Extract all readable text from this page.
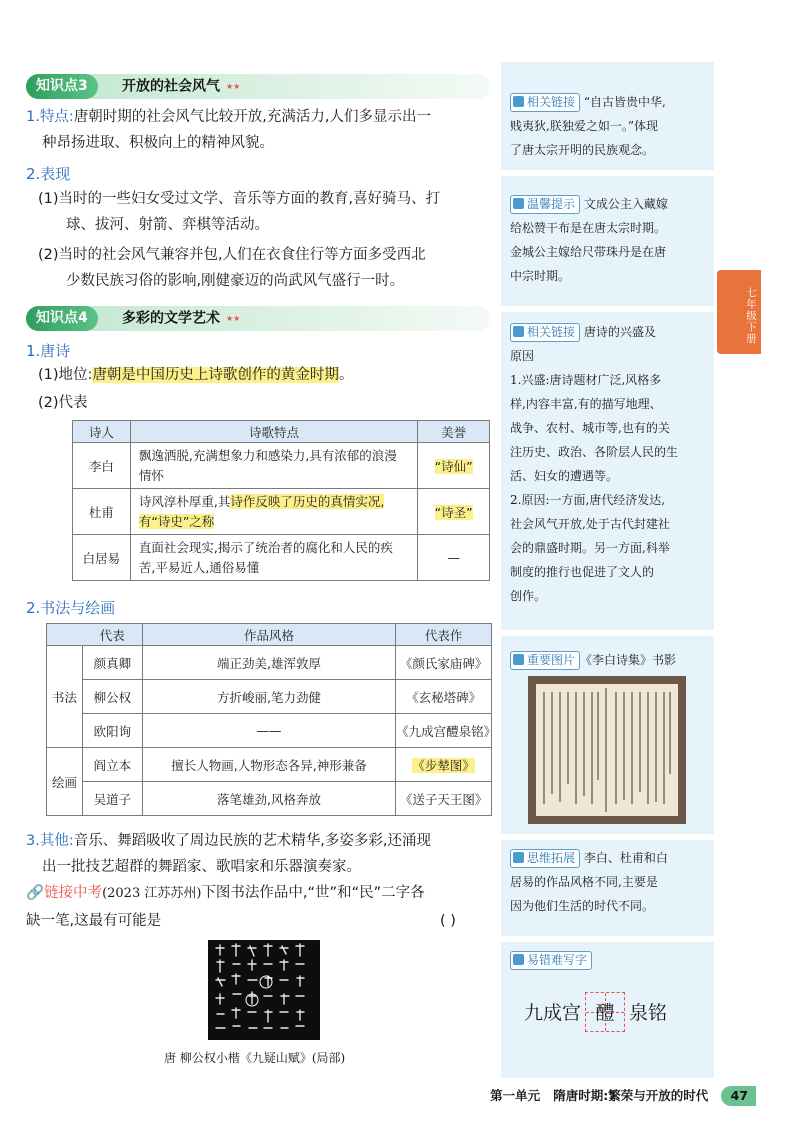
知识点3	开放的社会风气 ★★
1.特点:唐朝时期的社会风气比较开放,充满活力,人们多显示出一
种昂扬进取、积极向上的精神风貌。
2.表现
(1)当时的一些妇女受过文学、音乐等方面的教育,喜好骑马、打
球、拔河、射箭、弈棋等活动。
(2)当时的社会风气兼容并包,人们在衣食住行等方面多受西北
少数民族习俗的影响,刚健豪迈的尚武风气盛行一时。
知识点4	多彩的文学艺术 ★★
1.唐诗
(1)地位:唐朝是中国历史上诗歌创作的黄金时期。
(2)代表
诗人	诗歌特点	美誉
李白	飘逸洒脱,充满想象力和感染力,具有浓郁的浪漫情怀	“诗仙”
杜甫	诗风淳朴厚重,其诗作反映了历史的真情实况,有“诗史”之称	“诗圣”
白居易	直面社会现实,揭示了统治者的腐化和人民的疾苦,平易近人,通俗易懂	—
2.书法与绘画
	代表	作品风格	代表作
书法	颜真卿	端正劲美,雄浑敦厚	《颜氏家庙碑》
	柳公权	方折峻丽,笔力劲健	《玄秘塔碑》
	欧阳询	——	《九成宫醴泉铭》
绘画	阎立本	擅长人物画,人物形态各异,神形兼备	《步辇图》
	吴道子	落笔雄劲,风格奔放	《送子天王图》
3.其他:音乐、舞蹈吸收了周边民族的艺术精华,多姿多彩,还涌现
出一批技艺超群的舞蹈家、歌唱家和乐器演奏家。
🔗链接中考(2023 江苏苏州)下图书法作品中,“世”和“民”二字各
缺一笔,这最有可能是	( )
唐 柳公权小楷《九疑山赋》(局部)
相关链接 “自古皆贵中华,
贱夷狄,朕独爱之如一。”体现
了唐太宗开明的民族观念。
温馨提示 文成公主入藏嫁
给松赞干布是在唐太宗时期。
金城公主嫁给尺带珠丹是在唐
中宗时期。
相关链接 唐诗的兴盛及
原因
1.兴盛:唐诗题材广泛,风格多
样,内容丰富,有的描写地理、
战争、农村、城市等,也有的关
注历史、政治、各阶层人民的生
活、妇女的遭遇等。
2.原因:一方面,唐代经济发达,
社会风气开放,处于古代封建社
会的鼎盛时期。另一方面,科举
制度的推行也促进了文人的
创作。
重要图片 《李白诗集》书影
思维拓展 李白、杜甫和白
居易的作品风格不同,主要是
因为他们生活的时代不同。
易错难写字
九成宫 醴 泉铭
七年级下册
第一单元 隋唐时期:繁荣与开放的时代 47
